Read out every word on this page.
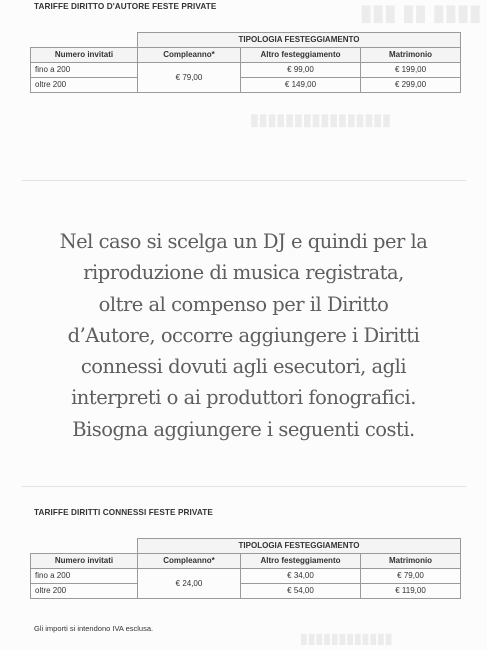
▮▮▮ ▮▮ ▮▮▮▮
▮▮▮▮▮▮▮▮▮▮▮▮▮▮▮▮
▮▮▮▮▮▮▮▮▮▮▮▮
TARIFFE DIRITTO D'AUTORE FESTE PRIVATE
	TIPOLOGIA FESTEGGIAMENTO		
Numero invitati	Compleanno*	Altro festeggiamento	Matrimonio
fino a 200	€ 79,00	€ 99,00	€ 199,00
oltre 200		€ 149,00	€ 299,00

Nel caso si scelga un DJ e quindi per la

riproduzione di musica registrata,

oltre al compenso per il Diritto

d’Autore, occorre aggiungere i Diritti

connessi dovuti agli esecutori, agli

interpreti o ai produttori fonografici.

Bisogna aggiungere i seguenti costi.

TARIFFE DIRITTI CONNESSI FESTE PRIVATE
	TIPOLOGIA FESTEGGIAMENTO		
Numero invitati	Compleanno*	Altro festeggiamento	Matrimonio
fino a 200	€ 24,00	€ 34,00	€ 79,00
oltre 200		€ 54,00	€ 119,00
Gli importi si intendono IVA esclusa.
